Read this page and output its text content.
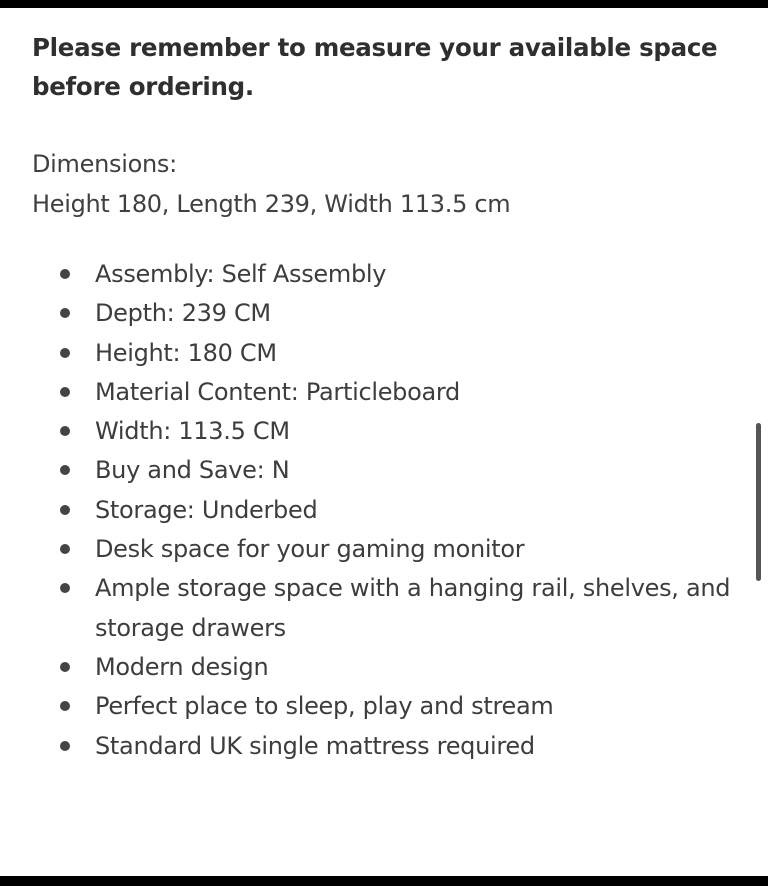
Please remember to measure your available space before ordering.

Dimensions:
Height 180, Length 239, Width 113.5 cm
Assembly: Self Assembly
Depth: 239 CM
Height: 180 CM
Material Content: Particleboard
Width: 113.5 CM
Buy and Save: N
Storage: Underbed
Desk space for your gaming monitor
Ample storage space with a hanging rail, shelves, and storage drawers
Modern design
Perfect place to sleep, play and stream
Standard UK single mattress required
